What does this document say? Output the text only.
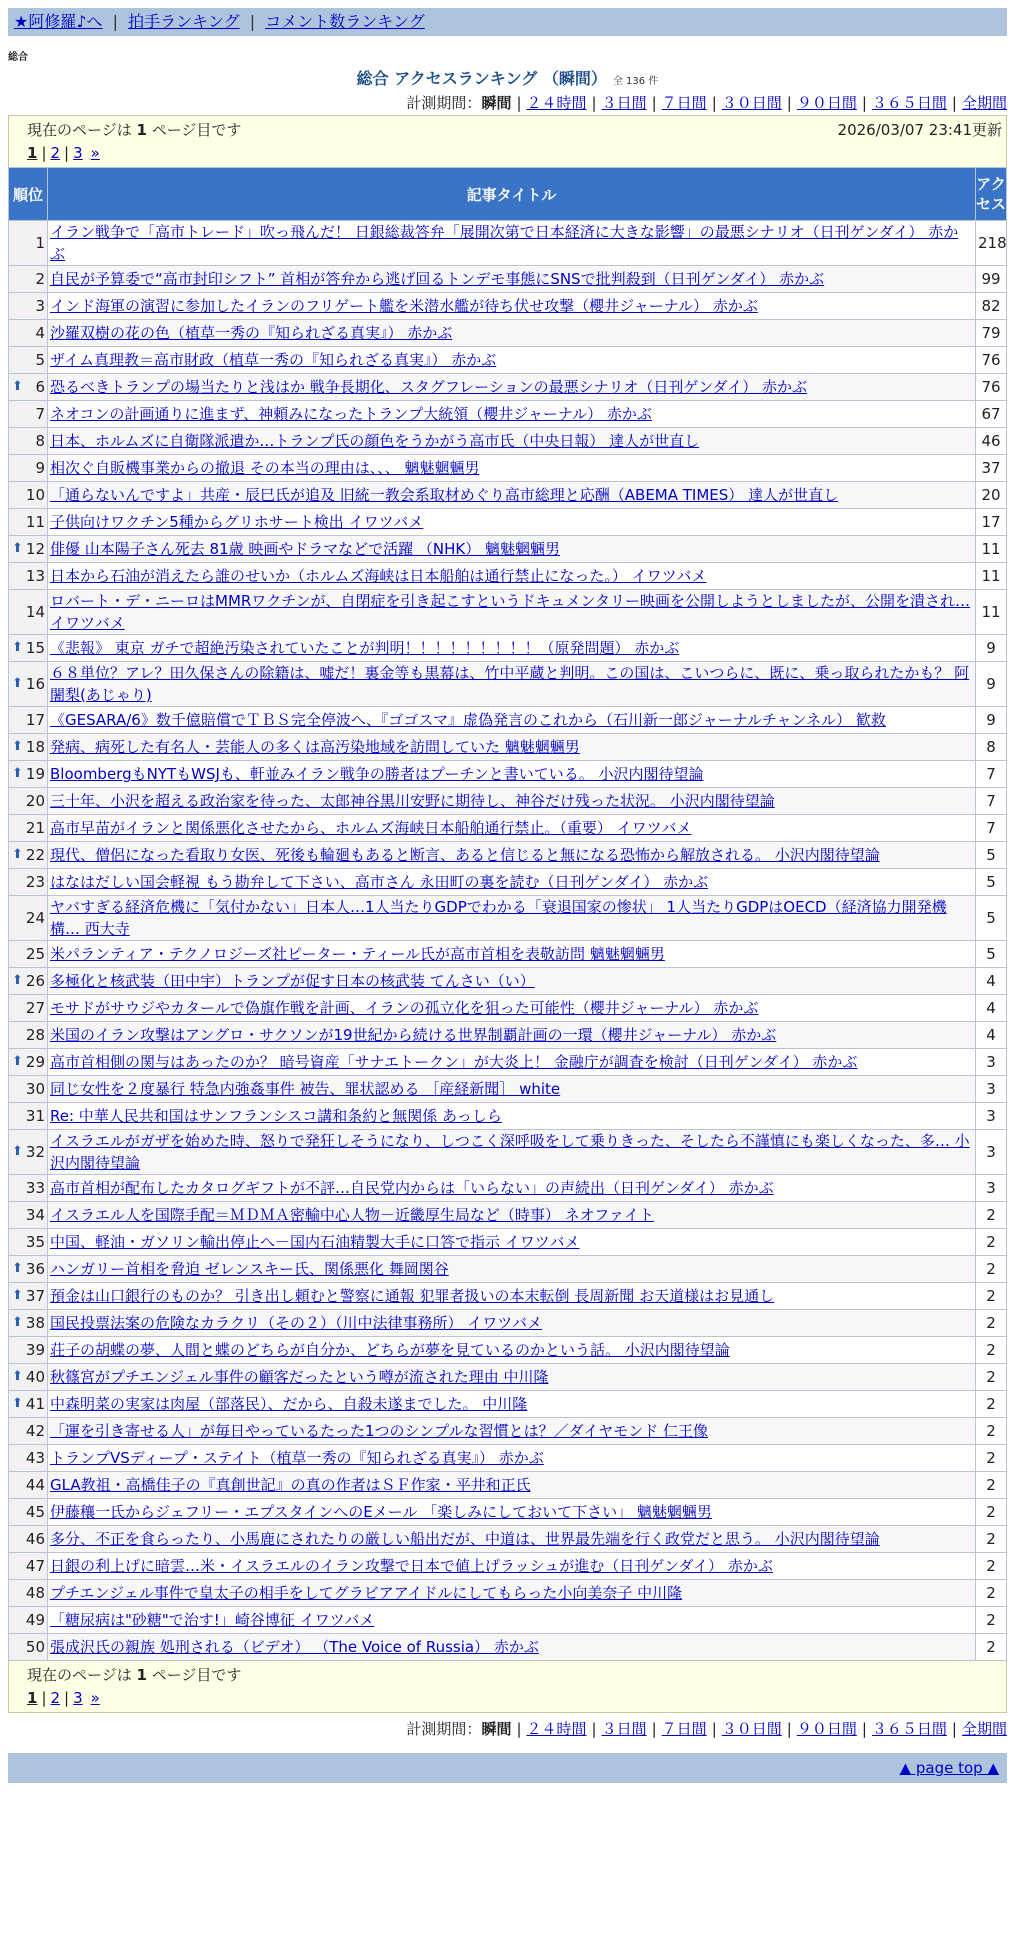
★阿修羅♪へ | 拍手ランキング | コメント数ランキング
総合
総合 アクセスランキング （瞬間） 全 136 件
計測期間：瞬間 | ２４時間 | ３日間 | ７日間 | ３０日間 | ９０日間 | ３６５日間 | 全期間
現在のページは 1 ページ目です	2026/03/07 23:41更新
1 | 2 | 3 »
順位	記事タイトル	アクセス
1	イラン戦争で「高市トレード」吹っ飛んだ！ 日銀総裁答弁「展開次第で日本経済に大きな影響」の最悪シナリオ（日刊ゲンダイ） 赤かぶ	218
2	自民が予算委で“高市封印シフト” 首相が答弁から逃げ回るトンデモ事態にSNSで批判殺到（日刊ゲンダイ） 赤かぶ	99
3	インド海軍の演習に参加したイランのフリゲート艦を米潜水艦が待ち伏せ攻撃（櫻井ジャーナル） 赤かぶ	82
4	沙羅双樹の花の色（植草一秀の『知られざる真実』） 赤かぶ	79
5	ザイム真理教＝高市財政（植草一秀の『知られざる真実』） 赤かぶ	76

⬆ 6	恐るべきトランプの場当たりと浅はか 戦争長期化、スタグフレーションの最悪シナリオ（日刊ゲンダイ） 赤かぶ	76
7	ネオコンの計画通りに進まず、神頼みになったトランプ大統領（櫻井ジャーナル） 赤かぶ	67
8	日本、ホルムズに自衛隊派遣か…トランプ氏の顔色をうかがう高市氏（中央日報） 達人が世直し	46
9	相次ぐ自販機事業からの撤退 その本当の理由は、、、 魑魅魍魎男	37
10	「通らないんですよ」共産・辰巳氏が追及 旧統一教会系取材めぐり高市総理と応酬（ABEMA TIMES） 達人が世直し	20
11	子供向けワクチン5種からグリホサート検出 イワツバメ	17

⬆ 12	俳優 山本陽子さん死去 81歳 映画やドラマなどで活躍 （NHK） 魑魅魍魎男	11
13	日本から石油が消えたら誰のせいか（ホルムズ海峡は日本船舶は通行禁止になった。） イワツバメ	11
14	ロバート・デ・ニーロはMMRワクチンが、自閉症を引き起こすというドキュメンタリー映画を公開しようとしましたが、公開を潰され… イワツバメ	11

⬆ 15	《悲報》 東京 ガチで超絶汚染されていたことが判明！！！！！！！！！（原発問題） 赤かぶ	9

⬆ 16	６８単位？アレ？田久保さんの除籍は、嘘だ！裏金等も黒幕は、竹中平蔵と判明。この国は、こいつらに、既に、乗っ取られたかも？ 阿闍梨(あじゃり)	9
17	《GESARA/6》数千億賠償でＴＢＳ完全停波へ、『ゴゴスマ』虚偽発言のこれから（石川新一郎ジャーナルチャンネル） 歓救	9

⬆ 18	発病、病死した有名人・芸能人の多くは高汚染地域を訪問していた 魑魅魍魎男	8

⬆ 19	BloombergもNYTもWSJも、軒並みイラン戦争の勝者はプーチンと書いている。 小沢内閣待望論	7
20	三十年、小沢を超える政治家を待った、太郎神谷黒川安野に期待し、神谷だけ残った状況。 小沢内閣待望論	7
21	高市早苗がイランと関係悪化させたから、ホルムズ海峡日本船舶通行禁止。（重要） イワツバメ	7

⬆ 22	現代、僧侶になった看取り女医、死後も輪廻もあると断言、あると信じると無になる恐怖から解放される。 小沢内閣待望論	5
23	はなはだしい国会軽視 もう勘弁して下さい、高市さん 永田町の裏を読む（日刊ゲンダイ） 赤かぶ	5
24	ヤバすぎる経済危機に「気付かない」日本人…1人当たりGDPでわかる「衰退国家の惨状」 1人当たりGDPはOECD（経済協力開発機構… 西大寺	5
25	米パランティア・テクノロジーズ社ピーター・ティール氏が高市首相を表敬訪問 魑魅魍魎男	5

⬆ 26	多極化と核武装（田中宇）トランプが促す日本の核武装 てんさい（い）	4
27	モサドがサウジやカタールで偽旗作戦を計画、イランの孤立化を狙った可能性（櫻井ジャーナル） 赤かぶ	4
28	米国のイラン攻撃はアングロ・サクソンが19世紀から続ける世界制覇計画の一環（櫻井ジャーナル） 赤かぶ	4

⬆ 29	高市首相側の関与はあったのか？ 暗号資産「サナエトークン」が大炎上！ 金融庁が調査を検討（日刊ゲンダイ） 赤かぶ	3
30	同じ女性を２度暴行 特急内強姦事件 被告、罪状認める ［産経新聞］ white	3
31	Re: 中華人民共和国はサンフランシスコ講和条約と無関係 あっしら	3

⬆ 32	イスラエルがガザを始めた時、怒りで発狂しそうになり、しつこく深呼吸をして乗りきった、そしたら不謹慎にも楽しくなった、多… 小沢内閣待望論	3
33	高市首相が配布したカタログギフトが不評…自民党内からは「いらない」の声続出（日刊ゲンダイ） 赤かぶ	3
34	イスラエル人を国際手配＝ＭＤＭＡ密輸中心人物－近畿厚生局など（時事） ネオファイト	2
35	中国、軽油・ガソリン輸出停止へ－国内石油精製大手に口答で指示 イワツバメ	2

⬆ 36	ハンガリー首相を脅迫 ゼレンスキー氏、関係悪化 舞岡関谷	2

⬆ 37	預金は山口銀行のものか？ 引き出し頼むと警察に通報 犯罪者扱いの本末転倒 長周新聞 お天道様はお見通し	2

⬆ 38	国民投票法案の危険なカラクリ（その２）（川中法律事務所） イワツバメ	2
39	荘子の胡蝶の夢、人間と蝶のどちらが自分か、どちらが夢を見ているのかという話。 小沢内閣待望論	2

⬆ 40	秋篠宮がプチエンジェル事件の顧客だったという噂が流された理由 中川隆	2

⬆ 41	中森明菜の実家は肉屋（部落民）、だから、自殺未遂までした。 中川隆	2
42	「運を引き寄せる人」が毎日やっているたった1つのシンプルな習慣とは？／ダイヤモンド 仁王像	2
43	トランプVSディープ・ステイト（植草一秀の『知られざる真実』） 赤かぶ	2
44	GLA教祖・高橋佳子の『真創世記』の真の作者はＳＦ作家・平井和正氏	2
45	伊藤穰一氏からジェフリー・エプスタインへのEメール 「楽しみにしておいて下さい」 魑魅魍魎男	2
46	多分、不正を食らったり、小馬鹿にされたりの厳しい船出だが、中道は、世界最先端を行く政党だと思う。 小沢内閣待望論	2
47	日銀の利上げに暗雲…米・イスラエルのイラン攻撃で日本で値上げラッシュが進む（日刊ゲンダイ） 赤かぶ	2
48	プチエンジェル事件で皇太子の相手をしてグラビアアイドルにしてもらった小向美奈子 中川隆	2
49	「糖尿病は"砂糖"で治す!」崎谷博征 イワツバメ	2
50	張成沢氏の親族 処刑される（ビデオ） （The Voice of Russia） 赤かぶ	2
現在のページは 1 ページ目です
1 | 2 | 3 »
計測期間：瞬間 | ２４時間 | ３日間 | ７日間 | ３０日間 | ９０日間 | ３６５日間 | 全期間
▲ page top ▲
